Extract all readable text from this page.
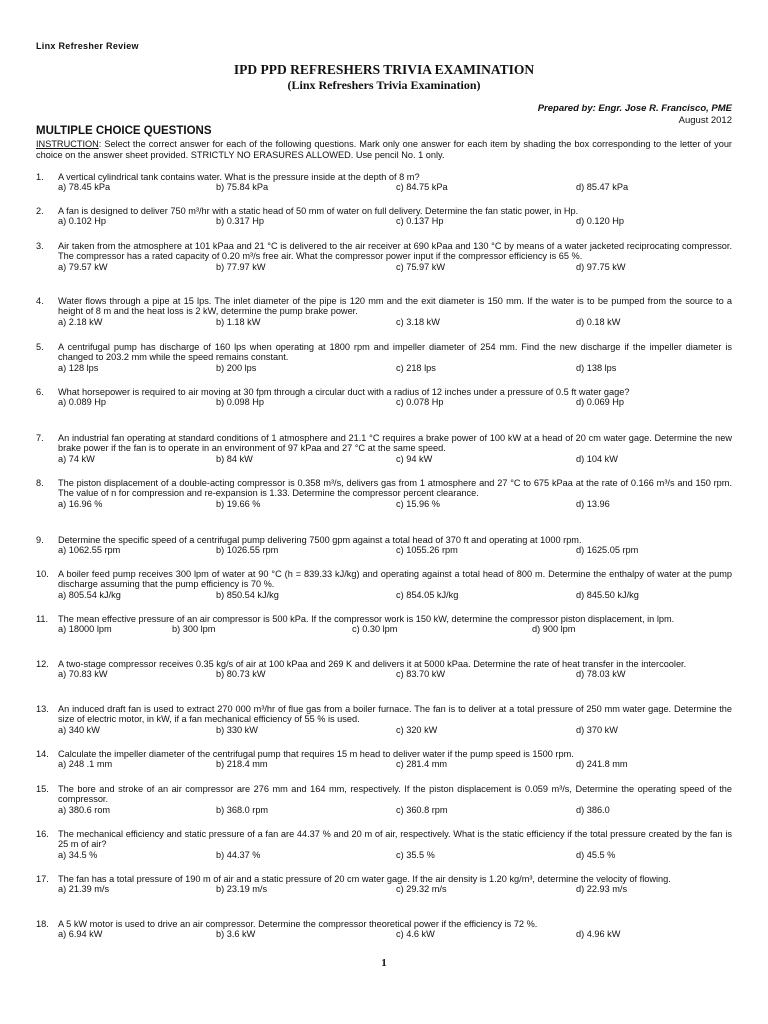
Linx Refresher Review
IPD PPD REFRESHERS TRIVIA EXAMINATION
(Linx Refreshers Trivia Examination)
Prepared by: Engr. Jose R. Francisco, PME
August 2012
MULTIPLE CHOICE QUESTIONS
INSTRUCTION: Select the correct answer for each of the following questions. Mark only one answer for each item by shading the box corresponding to the letter of your choice on the answer sheet provided. STRICTLY NO ERASURES ALLOWED. Use pencil No. 1 only.
1.	A vertical cylindrical tank contains water. What is the pressure inside at the depth of 8 m?
a) 78.45 kPa	b) 75.84 kPa	c) 84.75 kPa	d) 85.47 kPa
2.	A fan is designed to deliver 750 m³/hr with a static head of 50 mm of water on full delivery. Determine the fan static power, in Hp.
a) 0.102 Hp	b) 0.317 Hp	c) 0.137 Hp	d) 0.120 Hp
3.	Air taken from the atmosphere at 101 kPaa and 21 °C is delivered to the air receiver at 690 kPaa and 130 °C by means of a water jacketed reciprocating compressor. The compressor has a rated capacity of 0.20 m³/s free air. What the compressor power input if the compressor efficiency is 65 %.
a) 79.57 kW	b) 77.97 kW	c) 75.97 kW	d) 97.75 kW
4.	Water flows through a pipe at 15 lps. The inlet diameter of the pipe is 120 mm and the exit diameter is 150 mm. If the water is to be pumped from the source to a height of 8 m and the heat loss is 2 kW, determine the pump brake power.
a) 2.18 kW	b) 1.18 kW	c) 3.18 kW	d) 0.18 kW
5.	A centrifugal pump has discharge of 160 lps when operating at 1800 rpm and impeller diameter of 254 mm. Find the new discharge if the impeller diameter is changed to 203.2 mm while the speed remains constant.
a) 128 lps	b) 200 lps	c) 218 lps	d) 138 lps
6.	What horsepower is required to air moving at 30 fpm through a circular duct with a radius of 12 inches under a pressure of 0.5 ft water gage?
a) 0.089 Hp	b) 0.098 Hp	c) 0.078 Hp	d) 0.069 Hp
7.	An industrial fan operating at standard conditions of 1 atmosphere and 21.1 °C requires a brake power of 100 kW at a head of 20 cm water gage. Determine the new brake power if the fan is to operate in an environment of 97 kPaa and 27 °C at the same speed.
a) 74 kW	b) 84 kW	c) 94 kW	d) 104 kW
8.	The piston displacement of a double-acting compressor is 0.358 m³/s, delivers gas from 1 atmosphere and 27 °C to 675 kPaa at the rate of 0.166 m³/s and 150 rpm. The value of n for compression and re-expansion is 1.33. Determine the compressor percent clearance.
a) 16.96 %	b) 19.66 %	c) 15.96 %	d) 13.96
9.	Determine the specific speed of a centrifugal pump delivering 7500 gpm against a total head of 370 ft and operating at 1000 rpm.
a) 1062.55 rpm	b) 1026.55 rpm	c) 1055.26 rpm	d) 1625.05 rpm
10.	A boiler feed pump receives 300 lpm of water at 90 °C (h = 839.33 kJ/kg) and operating against a total head of 800 m. Determine the enthalpy of water at the pump discharge assuming that the pump efficiency is 70 %.
a) 805.54 kJ/kg	b) 850.54 kJ/kg	c) 854.05 kJ/kg	d) 845.50 kJ/kg
11.	The mean effective pressure of an air compressor is 500 kPa. If the compressor work is 150 kW, determine the compressor piston displacement, in lpm.
a) 18000 lpm	b) 300 lpm	c) 0.30 lpm	d) 900 lpm
12.	A two-stage compressor receives 0.35 kg/s of air at 100 kPaa and 269 K and delivers it at 5000 kPaa. Determine the rate of heat transfer in the intercooler.
a) 70.83 kW	b) 80.73 kW	c) 83.70 kW	d) 78.03 kW
13.	An induced draft fan is used to extract 270 000 m³/hr of flue gas from a boiler furnace. The fan is to deliver at a total pressure of 250 mm water gage. Determine the size of electric motor, in kW, if a fan mechanical efficiency of 55 % is used.
a) 340 kW	b) 330 kW	c) 320 kW	d) 370 kW
14.	Calculate the impeller diameter of the centrifugal pump that requires 15 m head to deliver water if the pump speed is 1500 rpm.
a) 248 .1 mm	b) 218.4 mm	c) 281.4 mm	d) 241.8 mm
15.	The bore and stroke of an air compressor are 276 mm and 164 mm, respectively. If the piston displacement is 0.059 m³/s, Determine the operating speed of the compressor.
a) 380.6 rom	b) 368.0 rpm	c) 360.8 rpm	d) 386.0
16.	The mechanical efficiency and static pressure of a fan are 44.37 % and 20 m of air, respectively. What is the static efficiency if the total pressure created by the fan is 25 m of air?
a) 34.5 %	b) 44.37 %	c) 35.5 %	d) 45.5 %
17.	The fan has a total pressure of 190 m of air and a static pressure of 20 cm water gage. If the air density is 1.20 kg/m³, determine the velocity of flowing.
a) 21.39 m/s	b) 23.19 m/s	c) 29.32 m/s	d) 22.93 m/s
18.	A 5 kW motor is used to drive an air compressor. Determine the compressor theoretical power if the efficiency is 72 %.
a) 6.94 kW	b) 3.6 kW	c) 4.6 kW	d) 4.96 kW
1
